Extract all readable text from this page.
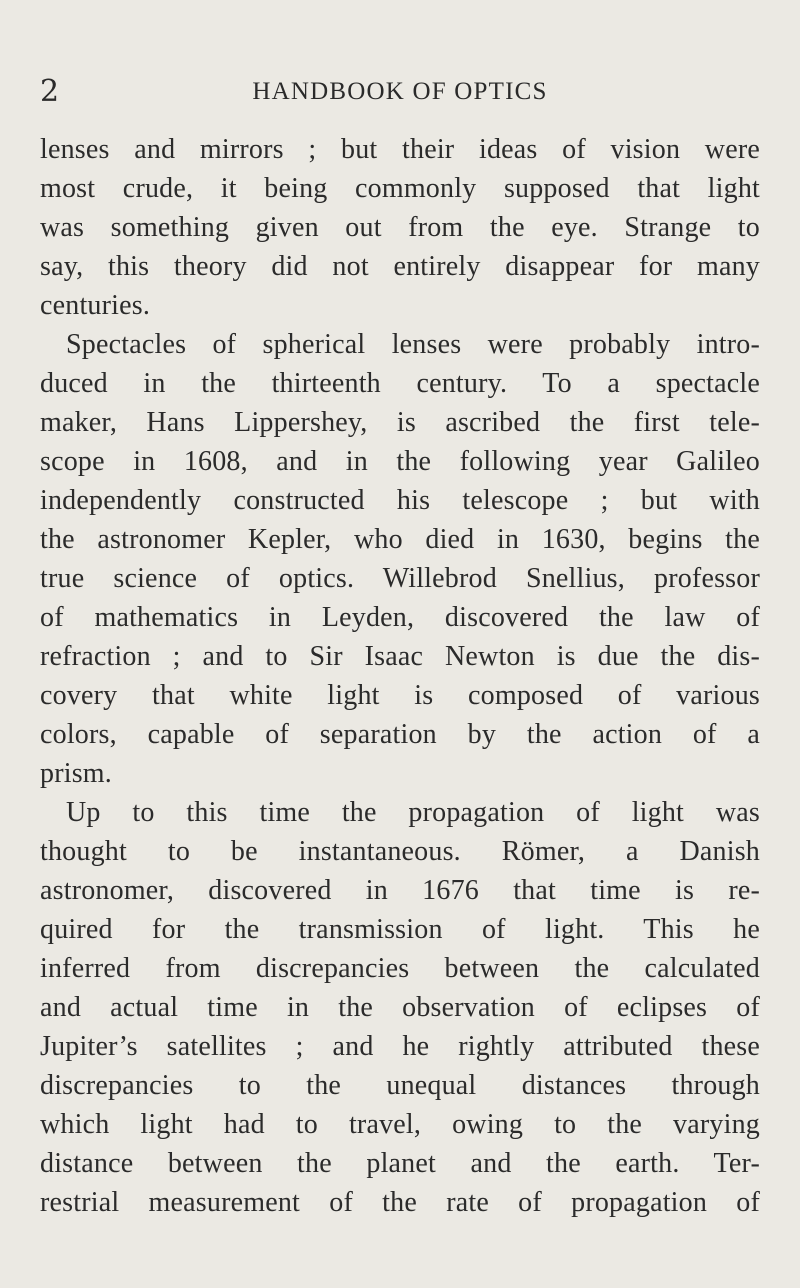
2	HANDBOOK OF OPTICS
lenses and mirrors ; but their ideas of vision were
most crude, it being commonly supposed that light
was something given out from the eye. Strange to
say, this theory did not entirely disappear for many
centuries.
Spectacles of spherical lenses were probably intro-
duced in the thirteenth century. To a spectacle
maker, Hans Lippershey, is ascribed the first tele-
scope in 1608, and in the following year Galileo
independently constructed his telescope ; but with
the astronomer Kepler, who died in 1630, begins the
true science of optics. Willebrod Snellius, professor
of mathematics in Leyden, discovered the law of
refraction ; and to Sir Isaac Newton is due the dis-
covery that white light is composed of various
colors, capable of separation by the action of a
prism.
Up to this time the propagation of light was
thought to be instantaneous. Römer, a Danish
astronomer, discovered in 1676 that time is re-
quired for the transmission of light. This he
inferred from discrepancies between the calculated
and actual time in the observation of eclipses of
Jupiter’s satellites ; and he rightly attributed these
discrepancies to the unequal distances through
which light had to travel, owing to the varying
distance between the planet and the earth. Ter-
restrial measurement of the rate of propagation of
